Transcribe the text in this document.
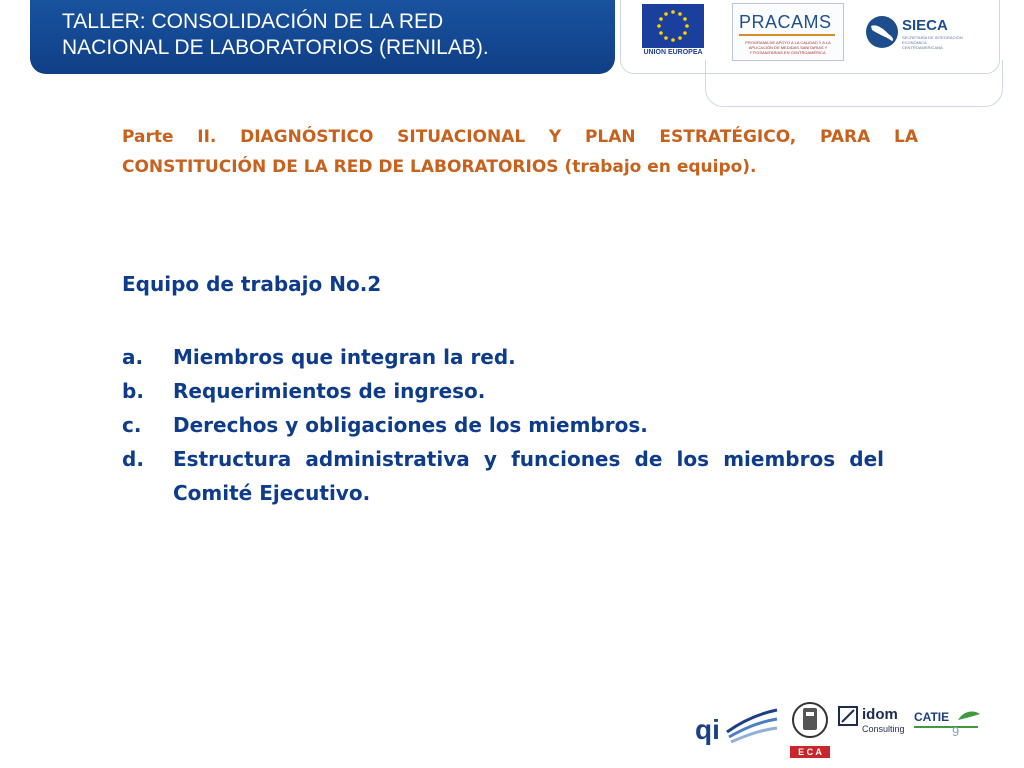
TALLER: CONSOLIDACIÓN DE LA RED
NACIONAL DE LABORATORIOS (RENILAB).	UNIÓN EUROPEA
PRACAMS
PROGRAMA DE APOYO A LA CALIDAD Y A LA APLICACIÓN DE MEDIDAS SANITARIAS Y FITOSANITARIAS EN CENTROAMÉRICA
SIECA
SECRETARÍA DE INTEGRACIÓN ECONÓMICA CENTROAMERICANA
Parte II. DIAGNÓSTICO SITUACIONAL Y PLAN ESTRATÉGICO, PARA LA CONSTITUCIÓN DE LA RED DE LABORATORIOS (trabajo en equipo).
Equipo de trabajo No.2
a.	Miembros que integran la red.
b.	Requerimientos de ingreso.
c.	Derechos y obligaciones de los miembros.
d.	Estructura administrativa y funciones de los miembros del Comité Ejecutivo.
qi
E C A
idom
Consulting
CATIE
9
